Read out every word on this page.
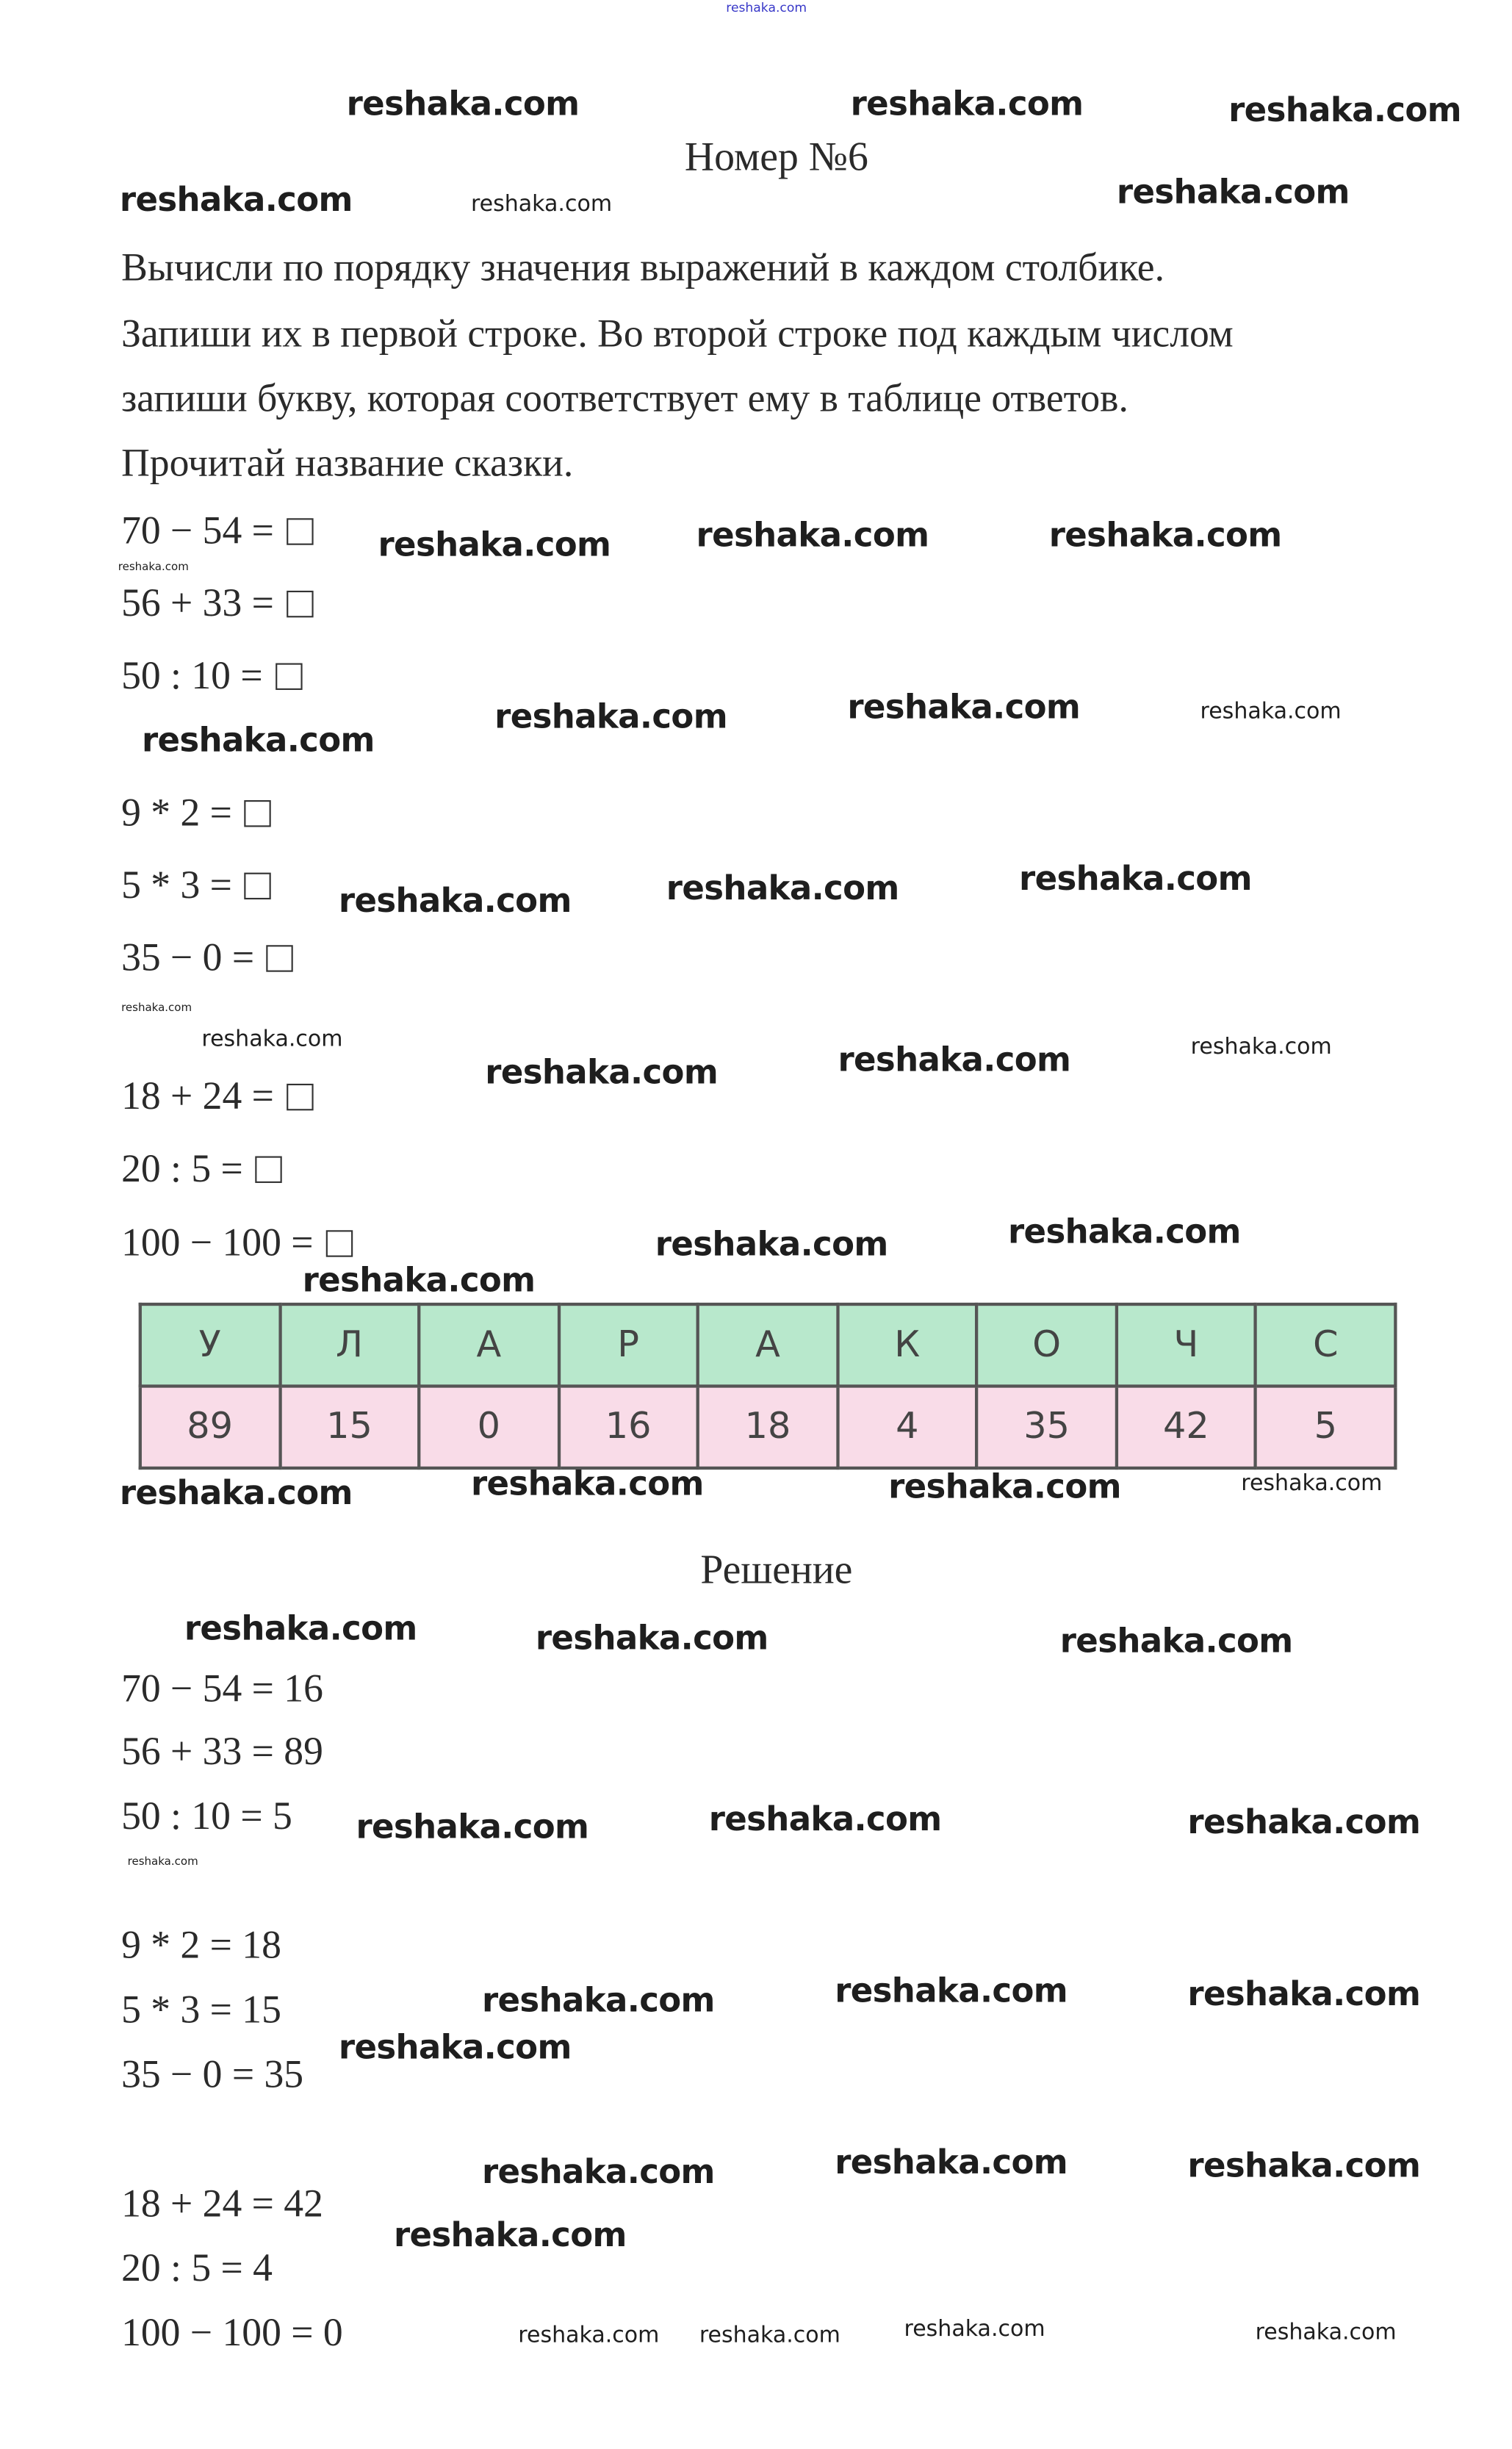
reshaka.com
Номер №6
Вычисли по порядку значения выражений в каждом столбике.
Запиши их в первой строке. Во второй строке под каждым числом
запиши букву, которая соответствует ему в таблице ответов.
Прочитай название сказки.
70 − 54 =
56 + 33 =
50 : 10 =
9 * 2 =
5 * 3 =
35 − 0 =
18 + 24 =
20 : 5 =
100 − 100 =
У	Л	А	Р	А	К	О	Ч	С
89	15	0	16	18	4	35	42	5
Решение
70 − 54 = 16
56 + 33 = 89
50 : 10 = 5
9 * 2 = 18
5 * 3 = 15
35 − 0 = 35
18 + 24 = 42
20 : 5 = 4
100 − 100 = 0
reshaka.com	reshaka.com
reshaka.com	reshaka.com
reshaka.com
reshaka.com	reshaka.com	reshaka.com
reshaka.com
reshaka.com	reshaka.com
reshaka.com	reshaka.com	reshaka.com
reshaka.com	reshaka.com
reshaka.com	reshaka.com
reshaka.com
reshaka.com	reshaka.com	reshaka.com
reshaka.com	reshaka.com	reshaka.com
reshaka.com	reshaka.com	reshaka.com
reshaka.com	reshaka.com	reshaka.com
reshaka.com
reshaka.com	reshaka.com	reshaka.com
reshaka.com
reshaka.com
reshaka.com
reshaka.com	reshaka.com
reshaka.com
reshaka.com	reshaka.com	reshaka.com	reshaka.com
reshaka.com
reshaka.com
reshaka.com
